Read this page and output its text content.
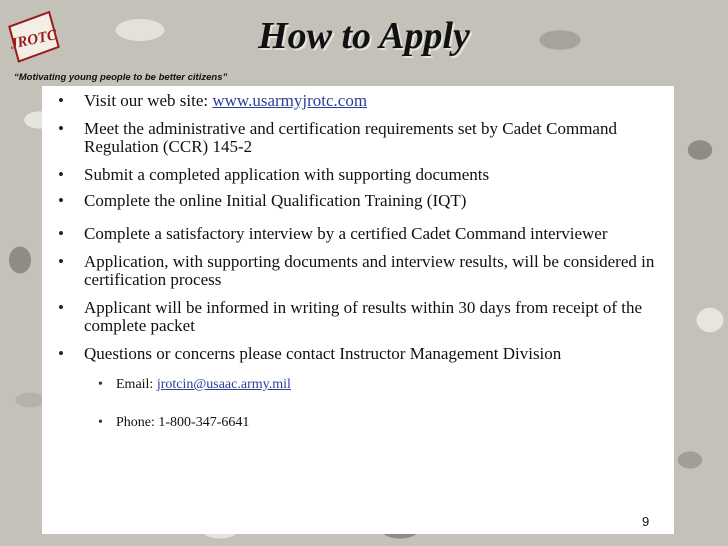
JROTC	How to Apply
“Motivating young people to be better citizens”
•	Visit our web site: www.usarmyjrotc.com
•	Meet the administrative and certification requirements set by Cadet Command Regulation (CCR) 145-2
•	Submit a completed application with supporting documents
•	Complete the online Initial Qualification Training (IQT)
•	Complete a satisfactory interview by a certified Cadet Command interviewer
•	Application, with supporting documents and interview results, will be considered in certification process
•	Applicant will be informed in writing of results within 30 days from receipt of the complete packet
•	Questions or concerns please contact Instructor Management Division
• Email: jrotcin@usaac.army.mil
• Phone: 1-800-347-6641
9
